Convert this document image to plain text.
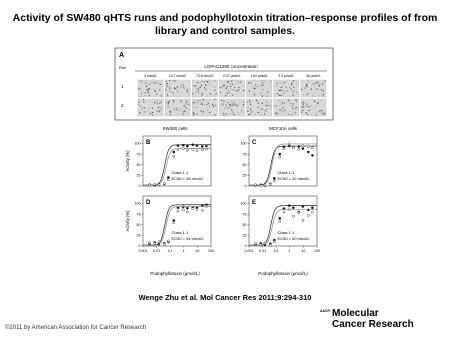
Activity of SW480 qHTS runs and podophyllotoxin titration–response profiles of from library and control samples.
A
Run	LOPAC1280 concentration
3 nmol/L	14.7 nmol/L	73.6 nmol/L	0.37 μmol/L	1.84 μmol/L	9.2 μmol/L	46 μmol/L
1
2
SW480 cells	MCF10A cells
B
0
25
50
75
100
Activity (%)
Class 1.1
EC50 = 28 nmol/L
C
0
25
50
75
100
Class 1.1
EC50 = 32 nmol/L
D
0
25
50
75
100
0.001 0.01 0.1	1	10 100
Activity (%)
Class 1.1
EC50 = 54 nmol/L
E
0
25
50
75
100
0.001 0.01 0.1	1	10 100
Class 1.1
EC50 = 50 nmol/L
Podophyllotoxin (μmol/L)	Podophyllotoxin (μmol/L)
Wenge Zhu et al. Mol Cancer Res 2011;9:294-310
©2011 by American Association for Cancer Research
AACR Molecular
Cancer Research
